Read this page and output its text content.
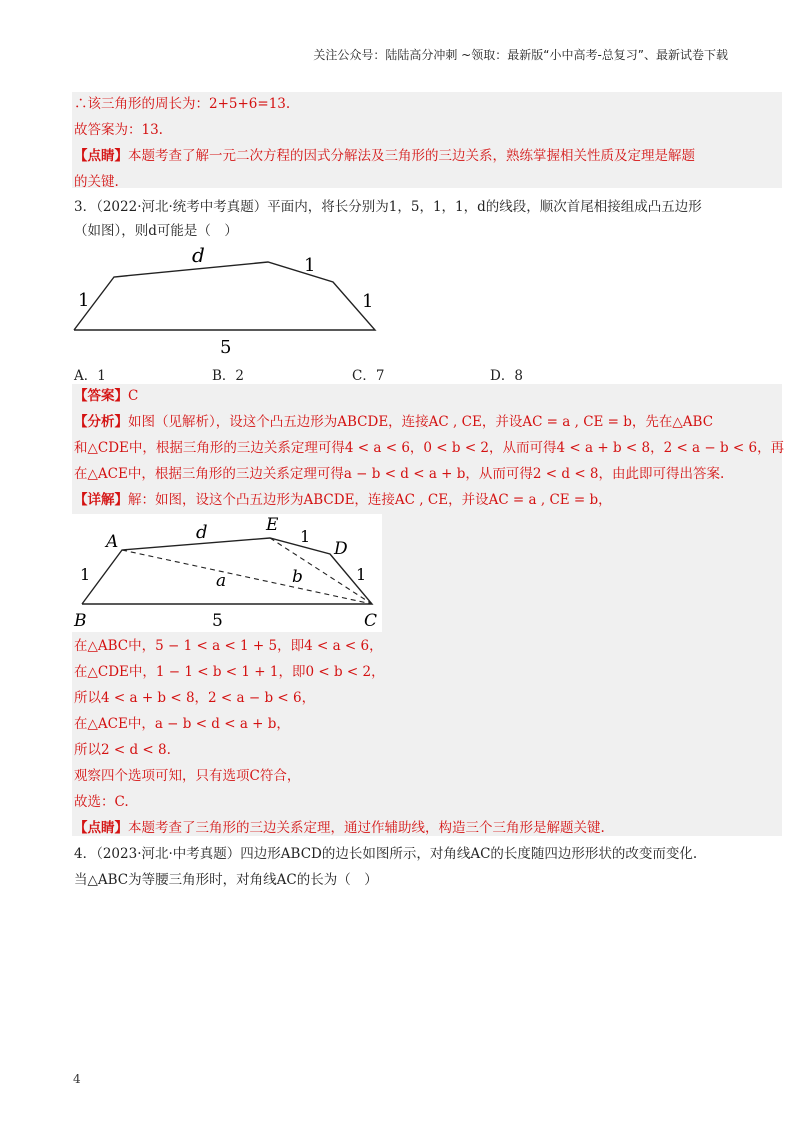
关注公众号：陆陆高分冲刺 ~领取：最新版“小中高考-总复习”、最新试卷下载
∴该三角形的周长为：2+5+6=13.
故答案为：13.
【点睛】本题考查了解一元二次方程的因式分解法及三角形的三边关系，熟练掌握相关性质及定理是解题
的关键.
3．（2022·河北·统考中考真题）平面内，将长分别为1，5，1，1，d的线段，顺次首尾相接组成凸五边形
（如图），则d可能是（　）
d	1
1	1
5
A．1	B．2	C．7	D．8
【答案】C
【分析】如图（见解析），设这个凸五边形为ABCDE，连接AC , CE，并设AC = a , CE = b，先在△ABC
和△CDE中，根据三角形的三边关系定理可得4 < a < 6，0 < b < 2，从而可得4 < a + b < 8，2 < a − b < 6，再
在△ACE中，根据三角形的三边关系定理可得a − b < d < a + b，从而可得2 < d < 8，由此即可得出答案.
【详解】解：如图，设这个凸五边形为ABCDE，连接AC , CE，并设AC = a , CE = b，
A
E
D
B	C
d	1
a	b
1	1
5
在△ABC中，5 − 1 < a < 1 + 5，即4 < a < 6，
在△CDE中，1 − 1 < b < 1 + 1，即0 < b < 2，
所以4 < a + b < 8，2 < a − b < 6，
在△ACE中，a − b < d < a + b，
所以2 < d < 8.
观察四个选项可知，只有选项C符合，
故选：C.
【点睛】本题考查了三角形的三边关系定理，通过作辅助线，构造三个三角形是解题关键.
4．（2023·河北·中考真题）四边形ABCD的边长如图所示，对角线AC的长度随四边形形状的改变而变化.
当△ABC为等腰三角形时，对角线AC的长为（　）
4
